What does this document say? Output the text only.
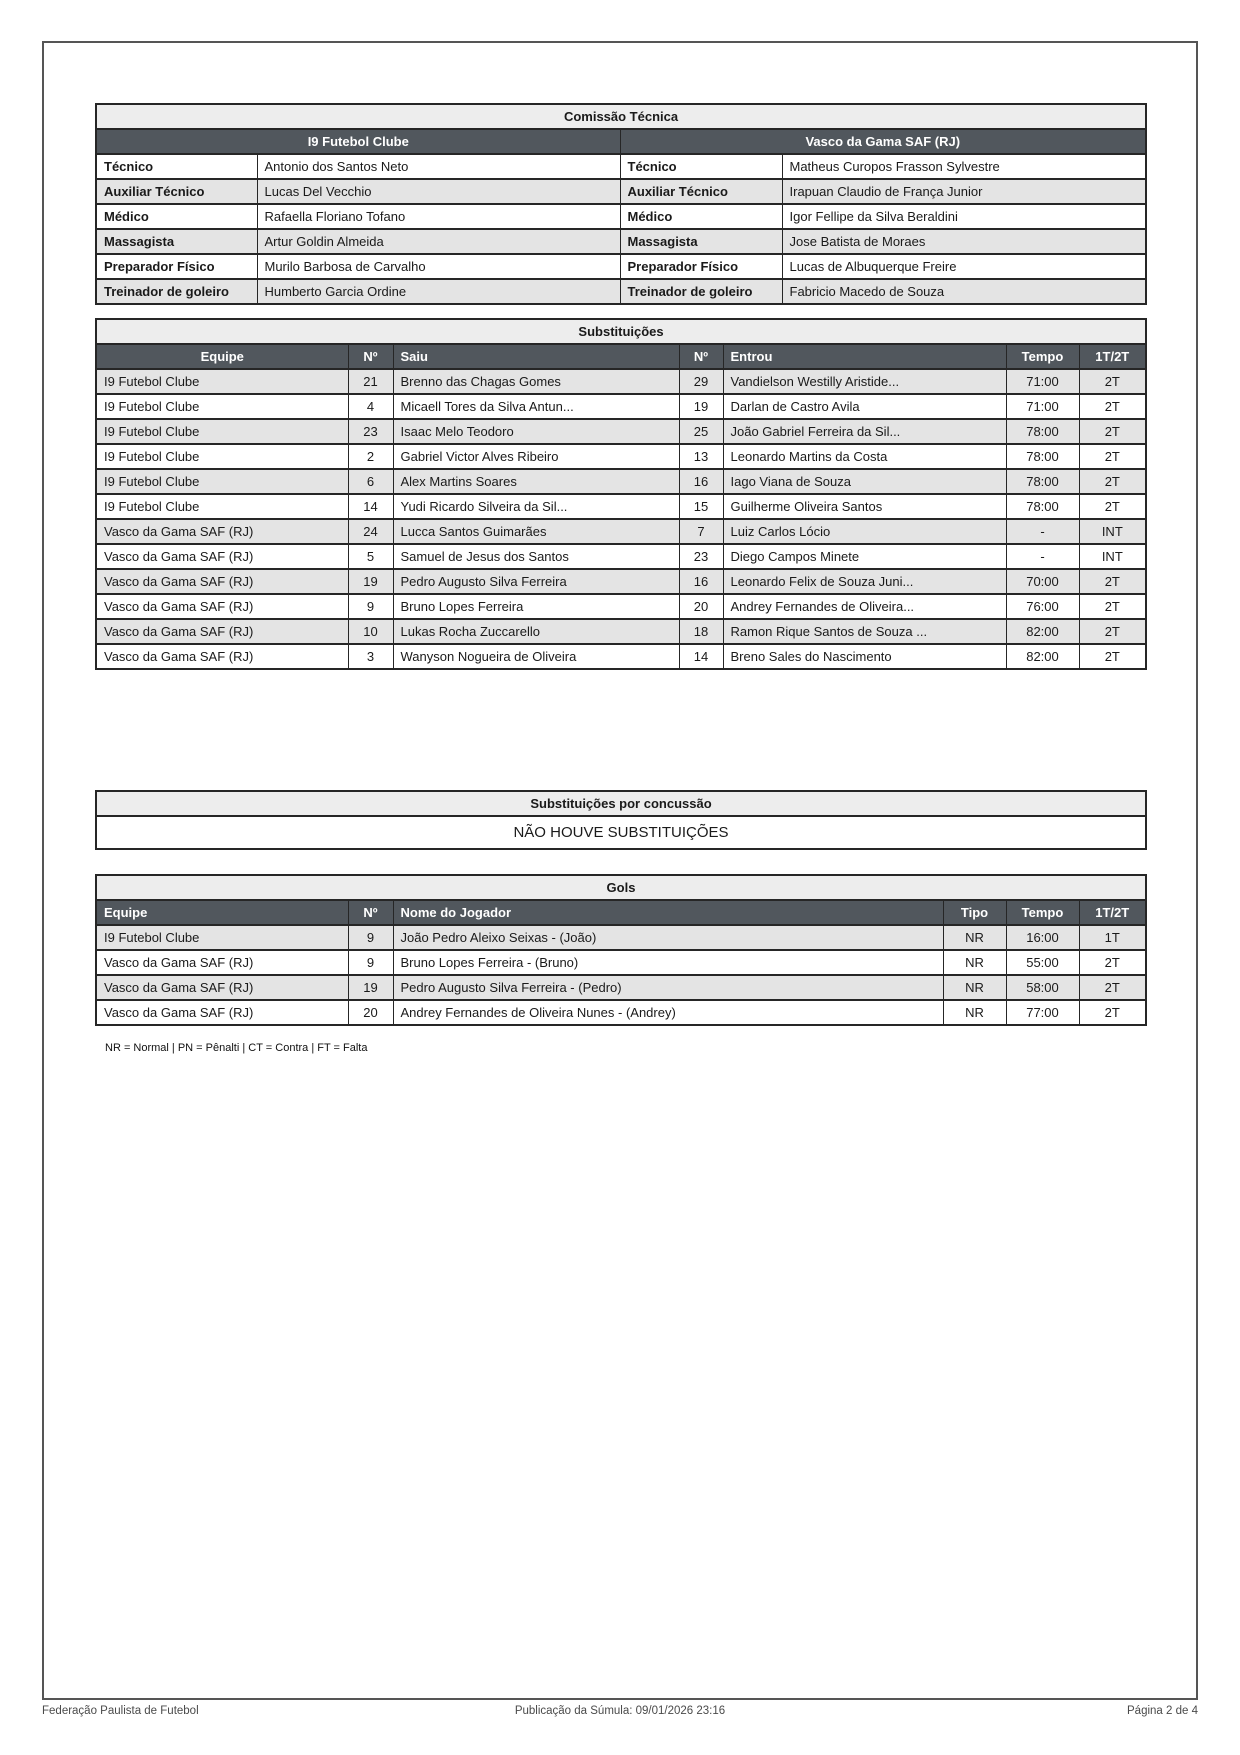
Comissão Técnica			
I9 Futebol Clube		Vasco da Gama SAF (RJ)	
Técnico	Antonio dos Santos Neto	Técnico	Matheus Curopos Frasson Sylvestre
Auxiliar Técnico	Lucas Del Vecchio	Auxiliar Técnico	Irapuan Claudio de França Junior
Médico	Rafaella Floriano Tofano	Médico	Igor Fellipe da Silva Beraldini
Massagista	Artur Goldin Almeida	Massagista	Jose Batista de Moraes
Preparador Físico	Murilo Barbosa de Carvalho	Preparador Físico	Lucas de Albuquerque Freire
Treinador de goleiro	Humberto Garcia Ordine	Treinador de goleiro	Fabricio Macedo de Souza
Substituições						
Equipe	Nº	Saiu	Nº	Entrou	Tempo	1T/2T
I9 Futebol Clube	21	Brenno das Chagas Gomes	29	Vandielson Westilly Aristide...	71:00	2T
I9 Futebol Clube	4	Micaell Tores da Silva Antun...	19	Darlan de Castro Avila	71:00	2T
I9 Futebol Clube	23	Isaac Melo Teodoro	25	João Gabriel Ferreira da Sil...	78:00	2T
I9 Futebol Clube	2	Gabriel Victor Alves Ribeiro	13	Leonardo Martins da Costa	78:00	2T
I9 Futebol Clube	6	Alex Martins Soares	16	Iago Viana de Souza	78:00	2T
I9 Futebol Clube	14	Yudi Ricardo Silveira da Sil...	15	Guilherme Oliveira Santos	78:00	2T
Vasco da Gama SAF (RJ)	24	Lucca Santos Guimarães	7	Luiz Carlos Lócio	-	INT
Vasco da Gama SAF (RJ)	5	Samuel de Jesus dos Santos	23	Diego Campos Minete	-	INT
Vasco da Gama SAF (RJ)	19	Pedro Augusto Silva Ferreira	16	Leonardo Felix de Souza Juni...	70:00	2T
Vasco da Gama SAF (RJ)	9	Bruno Lopes Ferreira	20	Andrey Fernandes de Oliveira...	76:00	2T
Vasco da Gama SAF (RJ)	10	Lukas Rocha Zuccarello	18	Ramon Rique Santos de Souza ...	82:00	2T
Vasco da Gama SAF (RJ)	3	Wanyson Nogueira de Oliveira	14	Breno Sales do Nascimento	82:00	2T
Substituições por concussão
NÃO HOUVE SUBSTITUIÇÕES
Gols					
Equipe	Nº	Nome do Jogador	Tipo	Tempo	1T/2T
I9 Futebol Clube	9	João Pedro Aleixo Seixas - (João)	NR	16:00	1T
Vasco da Gama SAF (RJ)	9	Bruno Lopes Ferreira - (Bruno)	NR	55:00	2T
Vasco da Gama SAF (RJ)	19	Pedro Augusto Silva Ferreira - (Pedro)	NR	58:00	2T
Vasco da Gama SAF (RJ)	20	Andrey Fernandes de Oliveira Nunes - (Andrey)	NR	77:00	2T
NR = Normal | PN = Pênalti | CT = Contra | FT = Falta
Publicação da Súmula: 09/01/2026 23:16
Federação Paulista de Futebol	Página 2 de 4
